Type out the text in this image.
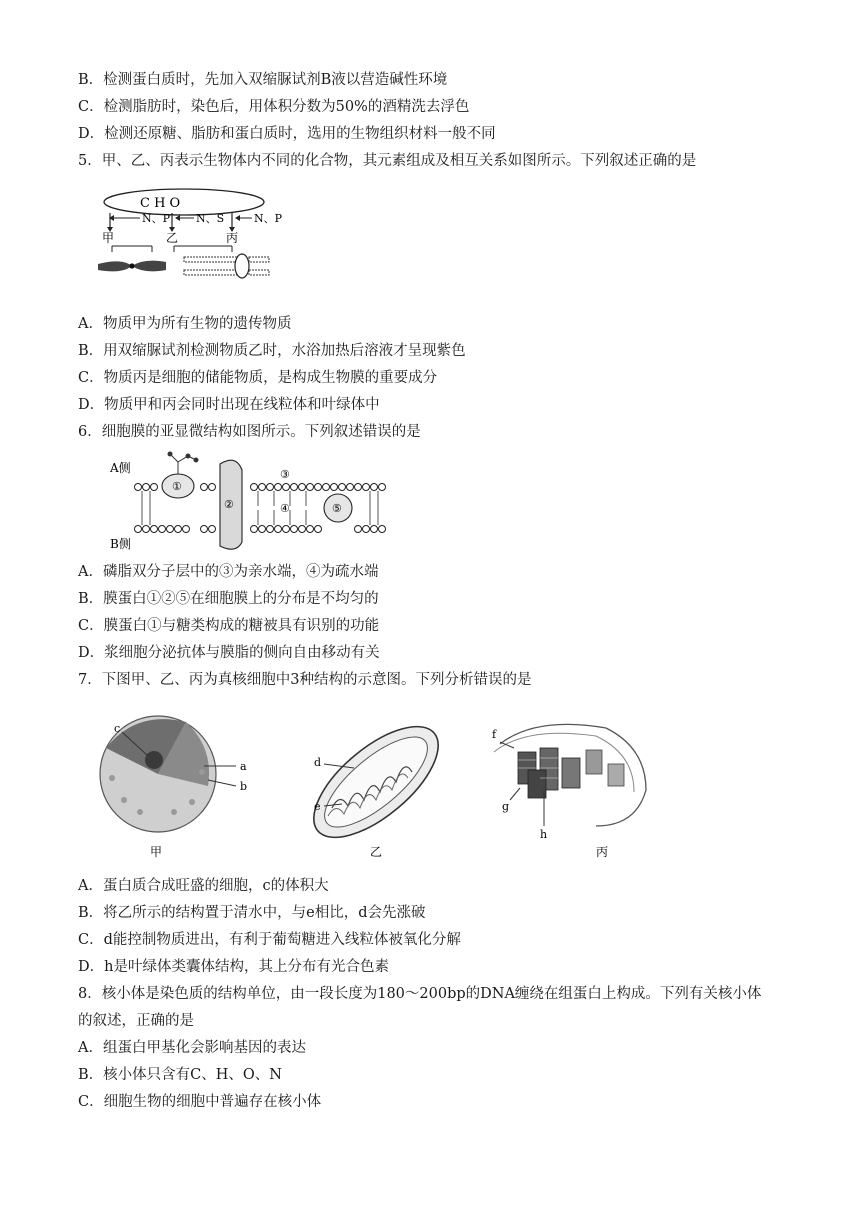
B．检测蛋白质时，先加入双缩脲试剂B液以营造碱性环境
C．检测脂肪时，染色后，用体积分数为50%的酒精洗去浮色
D．检测还原糖、脂肪和蛋白质时，选用的生物组织材料一般不同
5．甲、乙、丙表示生物体内不同的化合物，其元素组成及相互关系如图所示。下列叙述正确的是
C H O
N、P N、S	N、P
甲	乙	丙
A．物质甲为所有生物的遗传物质
B．用双缩脲试剂检测物质乙时，水浴加热后溶液才呈现紫色
C．物质丙是细胞的储能物质，是构成生物膜的重要成分
D．物质甲和丙会同时出现在线粒体和叶绿体中
6．细胞膜的亚显微结构如图所示。下列叙述错误的是
A侧
B侧
①
②
③
④	⑤
A．磷脂双分子层中的③为亲水端，④为疏水端
B．膜蛋白①②⑤在细胞膜上的分布是不均匀的
C．膜蛋白①与糖类构成的糖被具有识别的功能
D．浆细胞分泌抗体与膜脂的侧向自由移动有关
7．下图甲、乙、丙为真核细胞中3种结构的示意图。下列分析错误的是
c
a
b
甲
d
e
乙
f
g
h
丙
A．蛋白质合成旺盛的细胞，c的体积大
B．将乙所示的结构置于清水中，与e相比，d会先涨破
C．d能控制物质进出，有利于葡萄糖进入线粒体被氧化分解
D．h是叶绿体类囊体结构，其上分布有光合色素
8．核小体是染色质的结构单位，由一段长度为180～200bp的DNA缠绕在组蛋白上构成。下列有关核小体
的叙述，正确的是
A．组蛋白甲基化会影响基因的表达
B．核小体只含有C、H、O、N
C．细胞生物的细胞中普遍存在核小体
